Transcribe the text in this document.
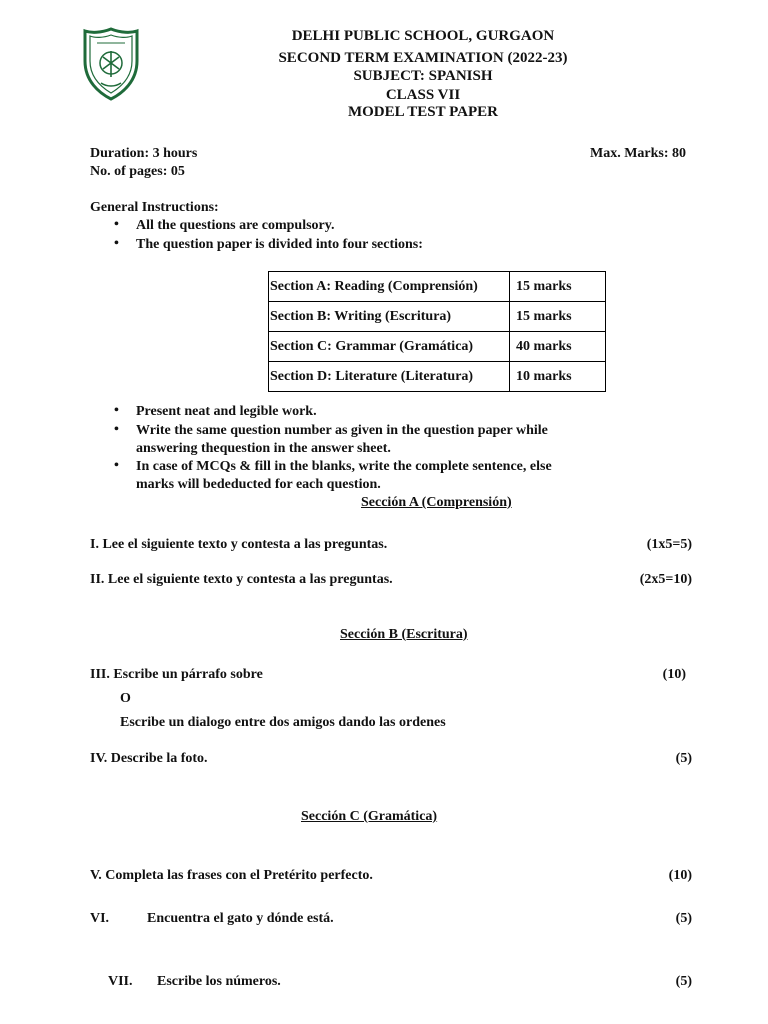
DELHI PUBLIC SCHOOL, GURGAON
SECOND TERM EXAMINATION (2022-23)
SUBJECT: SPANISH
CLASS VII
MODEL TEST PAPER
Duration: 3 hours
No. of pages: 05
Max. Marks: 80
General Instructions:
• All the questions are compulsory.
• The question paper is divided into four sections:
Section A: Reading (Comprensión)	15 marks
Section B: Writing (Escritura)	15 marks
Section C: Grammar (Gramática)	40 marks
Section D: Literature (Literatura)	10 marks
• Present neat and legible work.
• Write the same question number as given in the question paper while
answering thequestion in the answer sheet.
• In case of MCQs & fill in the blanks, write the complete sentence, else
marks will bededucted for each question.
Sección A (Comprensión)
I. Lee el siguiente texto y contesta a las preguntas.	(1x5=5)
II. Lee el siguiente texto y contesta a las preguntas.	(2x5=10)
Sección B (Escritura)
III. Escribe un párrafo sobre	(10)
O
Escribe un dialogo entre dos amigos dando las ordenes
IV. Describe la foto.	(5)
Sección C (Gramática)
V. Completa las frases con el Pretérito perfecto.	(10)
VI.	Encuentra el gato y dónde está.	(5)
VII. Escribe los números.	(5)
